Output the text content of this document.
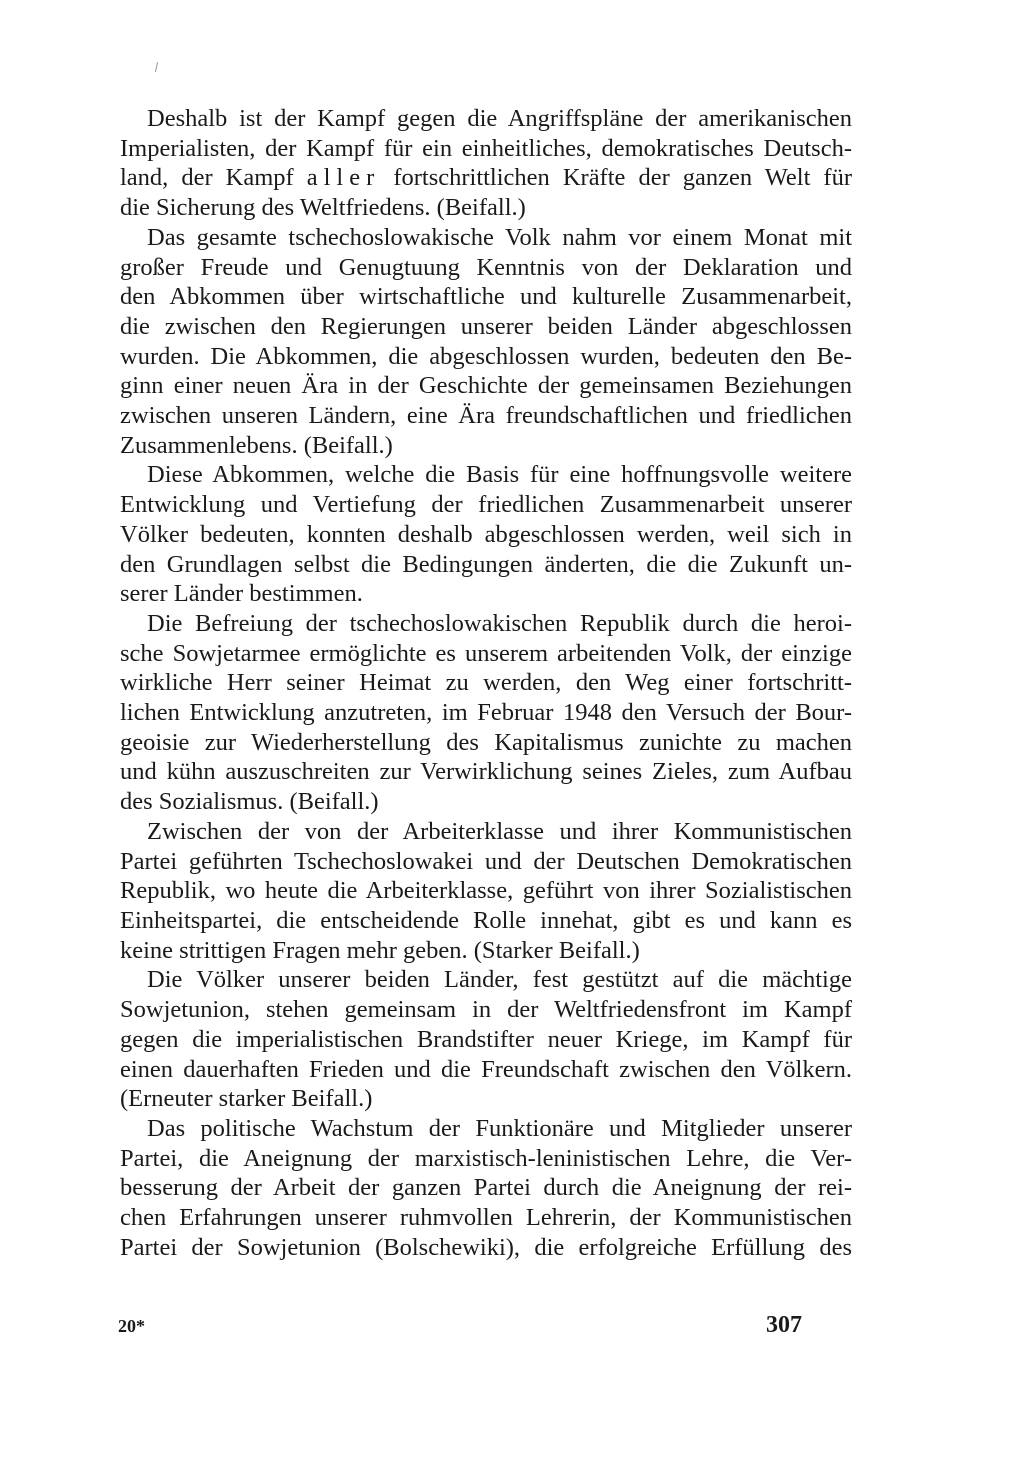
Deshalb ist der Kampf gegen die Angriffspläne der amerikanischen
Imperialisten, der Kampf für ein einheitliches, demokratisches Deutsch-
land, der Kampf aller fortschrittlichen Kräfte der ganzen Welt für
die Sicherung des Weltfriedens. (Beifall.)

Das gesamte tschechoslowakische Volk nahm vor einem Monat mit
großer Freude und Genugtuung Kenntnis von der Deklaration und
den Abkommen über wirtschaftliche und kulturelle Zusammenarbeit,
die zwischen den Regierungen unserer beiden Länder abgeschlossen
wurden. Die Abkommen, die abgeschlossen wurden, bedeuten den Be-
ginn einer neuen Ära in der Geschichte der gemeinsamen Beziehungen
zwischen unseren Ländern, eine Ära freundschaftlichen und friedlichen
Zusammenlebens. (Beifall.)

Diese Abkommen, welche die Basis für eine hoffnungsvolle weitere
Entwicklung und Vertiefung der friedlichen Zusammenarbeit unserer
Völker bedeuten, konnten deshalb abgeschlossen werden, weil sich in
den Grundlagen selbst die Bedingungen änderten, die die Zukunft un-
serer Länder bestimmen.

Die Befreiung der tschechoslowakischen Republik durch die heroi-
sche Sowjetarmee ermöglichte es unserem arbeitenden Volk, der einzige
wirkliche Herr seiner Heimat zu werden, den Weg einer fortschritt-
lichen Entwicklung anzutreten, im Februar 1948 den Versuch der Bour-
geoisie zur Wiederherstellung des Kapitalismus zunichte zu machen
und kühn auszuschreiten zur Verwirklichung seines Zieles, zum Aufbau
des Sozialismus. (Beifall.)

Zwischen der von der Arbeiterklasse und ihrer Kommunistischen
Partei geführten Tschechoslowakei und der Deutschen Demokratischen
Republik, wo heute die Arbeiterklasse, geführt von ihrer Sozialistischen
Einheitspartei, die entscheidende Rolle innehat, gibt es und kann es
keine strittigen Fragen mehr geben. (Starker Beifall.)

Die Völker unserer beiden Länder, fest gestützt auf die mächtige
Sowjetunion, stehen gemeinsam in der Weltfriedensfront im Kampf
gegen die imperialistischen Brandstifter neuer Kriege, im Kampf für
einen dauerhaften Frieden und die Freundschaft zwischen den Völkern.
(Erneuter starker Beifall.)

Das politische Wachstum der Funktionäre und Mitglieder unserer
Partei, die Aneignung der marxistisch-leninistischen Lehre, die Ver-
besserung der Arbeit der ganzen Partei durch die Aneignung der rei-
chen Erfahrungen unserer ruhmvollen Lehrerin, der Kommunistischen
Partei der Sowjetunion (Bolschewiki), die erfolgreiche Erfüllung des

20*	307
